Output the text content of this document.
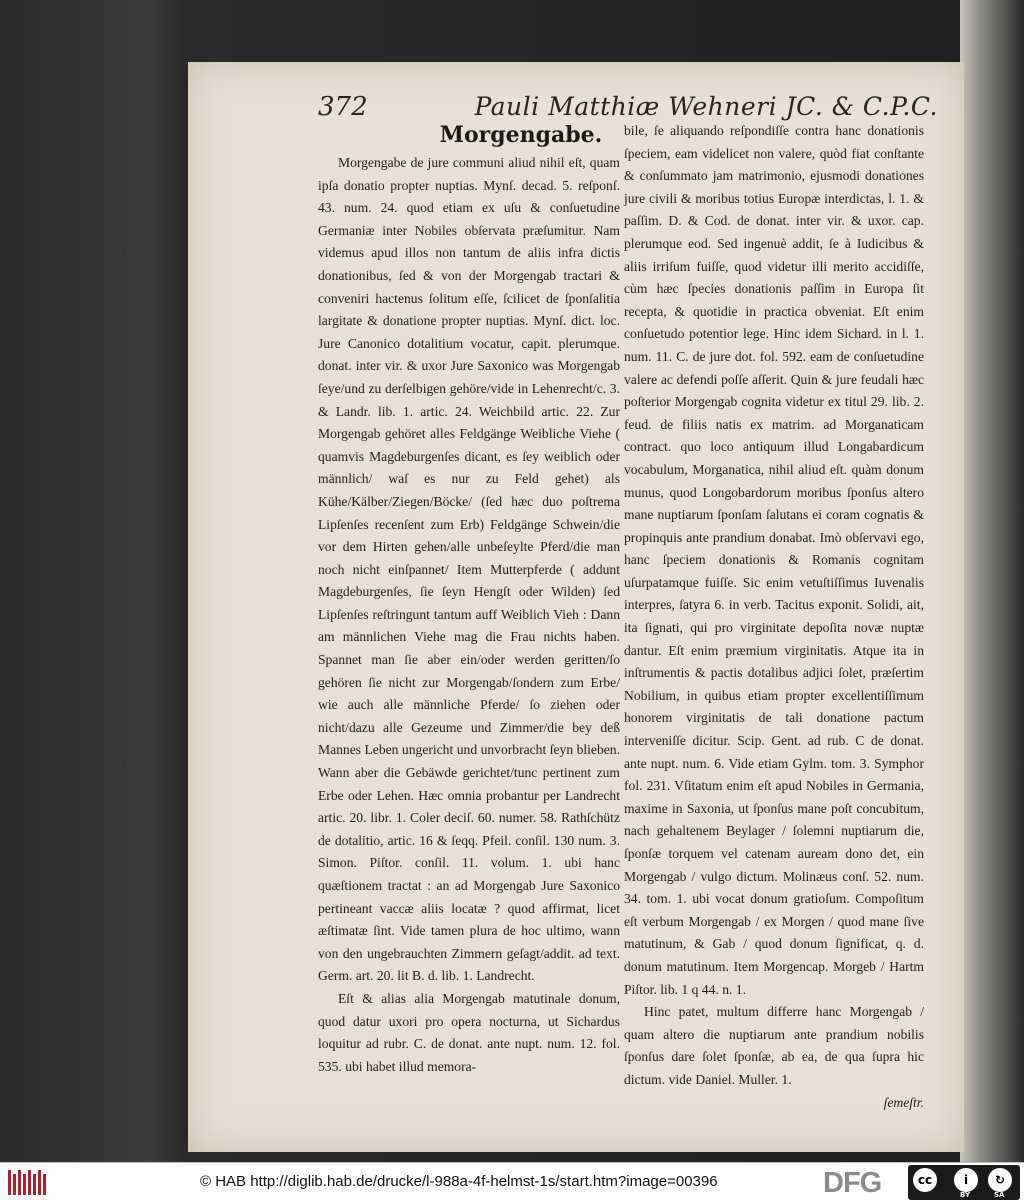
372	Pauli Matthiæ Wehneri JC. & C.P.C.
Morgengabe.

Morgengabe de jure communi aliud nihil eſt, quam ipſa donatio propter nuptias. Mynſ. decad. 5. reſponſ. 43. num. 24. quod etiam ex uſu & conſuetudine Germaniæ inter Nobiles obſervata præſumitur. Nam videmus apud illos non tantum de aliis infra dictis donationibus, ſed & von der Morgengab tractari & conveniri hactenus ſolitum eſſe, ſcilicet de ſponſalitia largitate & donatione propter nuptias. Mynſ. dict. loc. Jure Canonico dotalitium vocatur, capit. plerumque. donat. inter vir. & uxor Jure Saxonico was Morgengab ſeye/und zu derſelbigen gehöre/vide in Lehenrecht/c. 3. & Landr. lib. 1. artic. 24. Weichbild artic. 22. Zur Morgengab gehöret alles Feldgänge Weibliche Viehe ( quamvis Magdeburgenſes dicant, es ſey weiblich oder männlich/ waſ es nur zu Feld gehet) als Kühe/Kälber/Ziegen/Böcke/ (ſed hæc duo poſtrema Lipſenſes recenſent zum Erb) Feldgänge Schwein/die vor dem Hirten gehen/alle unbeſeylte Pferd/die man noch nicht einſpannet/ Item Mutterpferde ( addunt Magdeburgenſes, ſie ſeyn Hengſt oder Wilden) ſed Lipſenſes reſtringunt tantum auff Weiblich Vieh : Dann am männlichen Viehe mag die Frau nichts haben. Spannet man ſie aber ein/oder werden geritten/ſo gehören ſie nicht zur Morgengab/ſondern zum Erbe/ wie auch alle männliche Pferde/ ſo ziehen oder nicht/dazu alle Gezeume und Zimmer/die bey deß Mannes Leben ungericht und unvorbracht ſeyn blieben. Wann aber die Gebäwde gerichtet/tunc pertinent zum Erbe oder Lehen. Hæc omnia probantur per Landrecht artic. 20. libr. 1. Coler deciſ. 60. numer. 58. Rathſchütz de dotalitio, artic. 16 & ſeqq. Pfeil. conſil. 130 num. 3. Simon. Piſtor. conſil. 11. volum. 1. ubi hanc quæſtionem tractat : an ad Morgengab Jure Saxonico pertineant vaccæ aliis locatæ ? quod affirmat, licet æſtimatæ ſint. Vide tamen plura de hoc ultimo, wann von den ungebrauchten Zimmern geſagt/addit. ad text. Germ. art. 20. lit B. d. lib. 1. Landrecht.

Eſt & alias alia Morgengab matutinale donum, quod datur uxori pro opera nocturna, ut Sichardus loquitur ad rubr. C. de donat. ante nupt. num. 12. fol. 535. ubi habet illud memora-

bile, ſe aliquando reſpondiſſe contra hanc donationis ſpeciem, eam videlicet non valere, quòd fiat conſtante & conſummato jam matrimonio, ejusmodi donationes jure civili & moribus totius Europæ interdictas, l. 1. & paſſim. D. & Cod. de donat. inter vir. & uxor. cap. plerumque eod. Sed ingenuè addit, ſe à Iudicibus & aliis irriſum fuiſſe, quod videtur illi merito accidiſſe, cùm hæc ſpecies donationis paſſim in Europa ſit recepta, & quotidie in practica obveniat. Eſt enim conſuetudo potentior lege. Hinc idem Sichard. in l. 1. num. 11. C. de jure dot. fol. 592. eam de conſuetudine valere ac defendi poſſe aſſerit. Quin & jure feudali hæc poſterior Morgengab cognita videtur ex titul 29. lib. 2. feud. de filiis natis ex matrim. ad Morganaticam contract. quo loco antiquum illud Longabardicum vocabulum, Morganatica, nihil aliud eſt. quàm donum munus, quod Longobardorum moribus ſponſus altero mane nuptiarum ſponſam ſalutans ei coram cognatis & propinquis ante prandium donabat. Imò obſervavi ego, hanc ſpeciem donationis & Romanis cognitam uſurpatamque fuiſſe. Sic enim vetuſtiſſimus Iuvenalis interpres, ſatyra 6. in verb. Tacitus exponit. Solidi, ait, ita ſignati, qui pro virginitate depoſita novæ nuptæ dantur. Eſt enim præmium virginitatis. Atque ita in inſtrumentis & pactis dotalibus adjici ſolet, præſertim Nobilium, in quibus etiam propter excellentiſſimum honorem virginitatis de tali donatione pactum interveniſſe dicitur. Scip. Gent. ad rub. C de donat. ante nupt. num. 6. Vide etiam Gylm. tom. 3. Symphor fol. 231. Vſitatum enim eſt apud Nobiles in Germania, maxime in Saxonia, ut ſponſus mane poſt concubitum, nach gehaltenem Beylager / ſolemni nuptiarum die, ſponſæ torquem vel catenam auream dono det, ein Morgengab / vulgo dictum. Molinæus conſ. 52. num. 34. tom. 1. ubi vocat donum gratioſum. Compoſitum eſt verbum Morgengab / ex Morgen / quod mane ſive matutinum, & Gab / quod donum ſignificat, q. d. donum matutinum. Item Morgencap. Morgeb / Hartm Piſtor. lib. 1 q 44. n. 1.

Hinc patet, multum differre hanc Morgengab / quam altero die nuptiarum ante prandium nobilis ſponſus dare ſolet ſponſæ, ab ea, de qua ſupra hic dictum. vide Daniel. Muller. 1.

ſemeſtr.

© HAB http://diglib.hab.de/drucke/l-988a-4f-helmst-1s/start.htm?image=00396	DFG	cc	i	↻
BY	SA
